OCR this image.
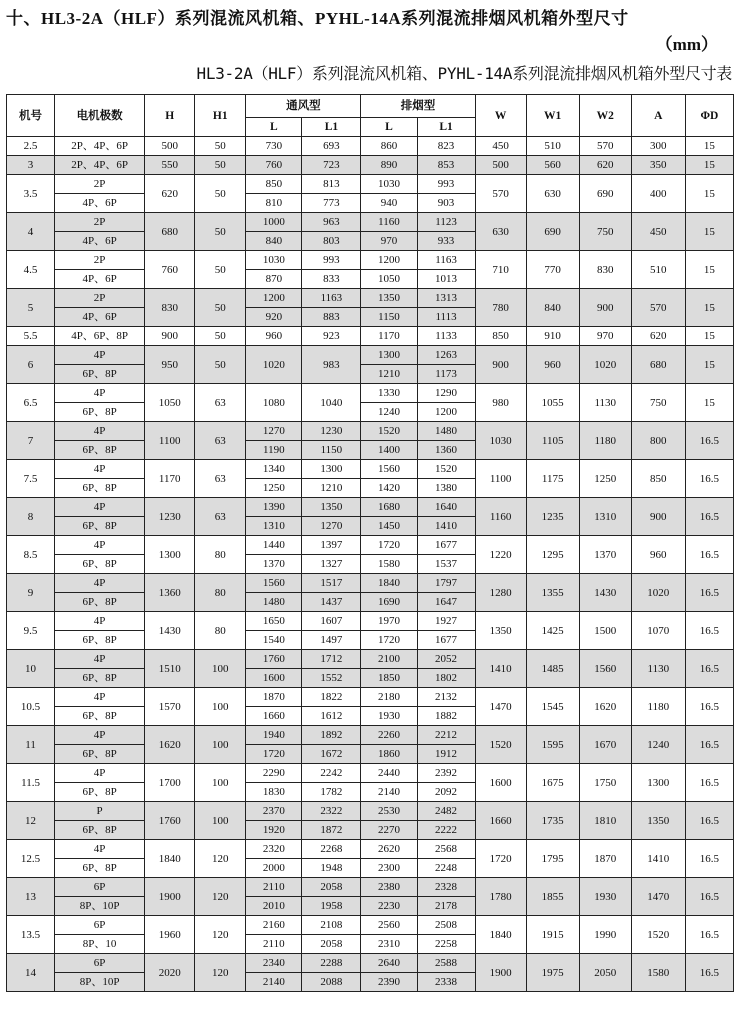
十、HL3-2A（HLF）系列混流风机箱、PYHL-14A系列混流排烟风机箱外型尺寸
（mm）
HL3-2A（HLF）系列混流风机箱、PYHL-14A系列混流排烟风机箱外型尺寸表
机号	电机极数	H	H1	通风型		排烟型		W	W1	W2	A	ΦD
				L	L1	L	L1					
2.5	2P、4P、6P	500	50	730	693	860	823	450	510	570	300	15
3	2P、4P、6P	550	50	760	723	890	853	500	560	620	350	15
3.5	2P	620	50	850	813	1030	993	570	630	690	400	15
	4P、6P			810	773	940	903					
4	2P	680	50	1000	963	1160	1123	630	690	750	450	15
	4P、6P			840	803	970	933					
4.5	2P	760	50	1030	993	1200	1163	710	770	830	510	15
	4P、6P			870	833	1050	1013					
5	2P	830	50	1200	1163	1350	1313	780	840	900	570	15
	4P、6P			920	883	1150	1113					
5.5	4P、6P、8P	900	50	960	923	1170	1133	850	910	970	620	15
6	4P	950	50	1020	983	1300	1263	900	960	1020	680	15
	6P、8P					1210	1173					
6.5	4P	1050	63	1080	1040	1330	1290	980	1055	1130	750	15
	6P、8P					1240	1200					
7	4P	1100	63	1270	1230	1520	1480	1030	1105	1180	800	16.5
	6P、8P			1190	1150	1400	1360					
7.5	4P	1170	63	1340	1300	1560	1520	1100	1175	1250	850	16.5
	6P、8P			1250	1210	1420	1380					
8	4P	1230	63	1390	1350	1680	1640	1160	1235	1310	900	16.5
	6P、8P			1310	1270	1450	1410					
8.5	4P	1300	80	1440	1397	1720	1677	1220	1295	1370	960	16.5
	6P、8P			1370	1327	1580	1537					
9	4P	1360	80	1560	1517	1840	1797	1280	1355	1430	1020	16.5
	6P、8P			1480	1437	1690	1647					
9.5	4P	1430	80	1650	1607	1970	1927	1350	1425	1500	1070	16.5
	6P、8P			1540	1497	1720	1677					
10	4P	1510	100	1760	1712	2100	2052	1410	1485	1560	1130	16.5
	6P、8P			1600	1552	1850	1802					
10.5	4P	1570	100	1870	1822	2180	2132	1470	1545	1620	1180	16.5
	6P、8P			1660	1612	1930	1882					
11	4P	1620	100	1940	1892	2260	2212	1520	1595	1670	1240	16.5
	6P、8P			1720	1672	1860	1912					
11.5	4P	1700	100	2290	2242	2440	2392	1600	1675	1750	1300	16.5
	6P、8P			1830	1782	2140	2092					
12	P	1760	100	2370	2322	2530	2482	1660	1735	1810	1350	16.5
	6P、8P			1920	1872	2270	2222					
12.5	4P	1840	120	2320	2268	2620	2568	1720	1795	1870	1410	16.5
	6P、8P			2000	1948	2300	2248					
13	6P	1900	120	2110	2058	2380	2328	1780	1855	1930	1470	16.5
	8P、10P			2010	1958	2230	2178					
13.5	6P	1960	120	2160	2108	2560	2508	1840	1915	1990	1520	16.5
	8P、10			2110	2058	2310	2258					
14	6P	2020	120	2340	2288	2640	2588	1900	1975	2050	1580	16.5
	8P、10P			2140	2088	2390	2338					
